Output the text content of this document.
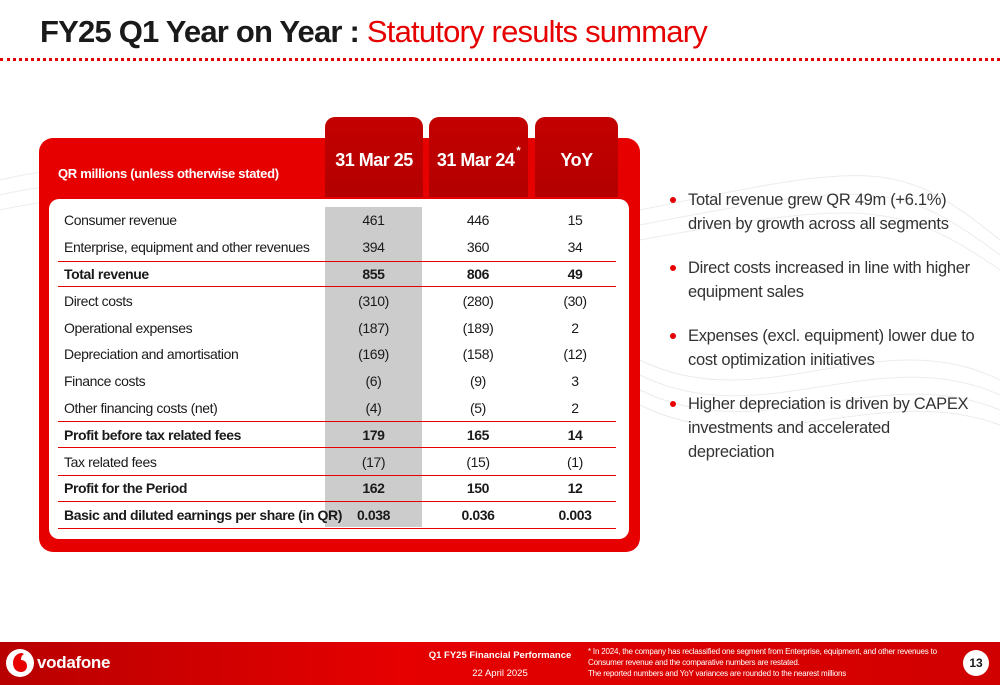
FY25 Q1 Year on Year : Statutory results summary
31 Mar 25 31 Mar 24* YoY
QR millions (unless otherwise stated)
Consumer revenue	461	446	15
Enterprise, equipment and other revenues	394	360	34
Total revenue	855	806	49
Direct costs	(310)	(280)	(30)
Operational expenses	(187)	(189)	2
Depreciation and amortisation	(169)	(158)	(12)
Finance costs	(6)	(9)	3
Other financing costs (net)	(4)	(5)	2
Profit before tax related fees	179	165	14
Tax related fees	(17)	(15)	(1)
Profit for the Period	162	150	12
Basic and diluted earnings per share (in QR)	0.038	0.036	0.003
Total revenue grew QR 49m (+6.1%) driven by growth across all segments
Direct costs increased in line with higher equipment sales
Expenses (excl. equipment) lower due to cost optimization initiatives
Higher depreciation is driven by CAPEX investments and accelerated depreciation
vodafone	Q1 FY25 Financial Performance
22 April 2025
* In 2024, the company has reclassified one segment from Enterprise, equipment, and other revenues to
Consumer revenue and the comparative numbers are restated.
The reported numbers and YoY variances are rounded to the nearest millions
13
